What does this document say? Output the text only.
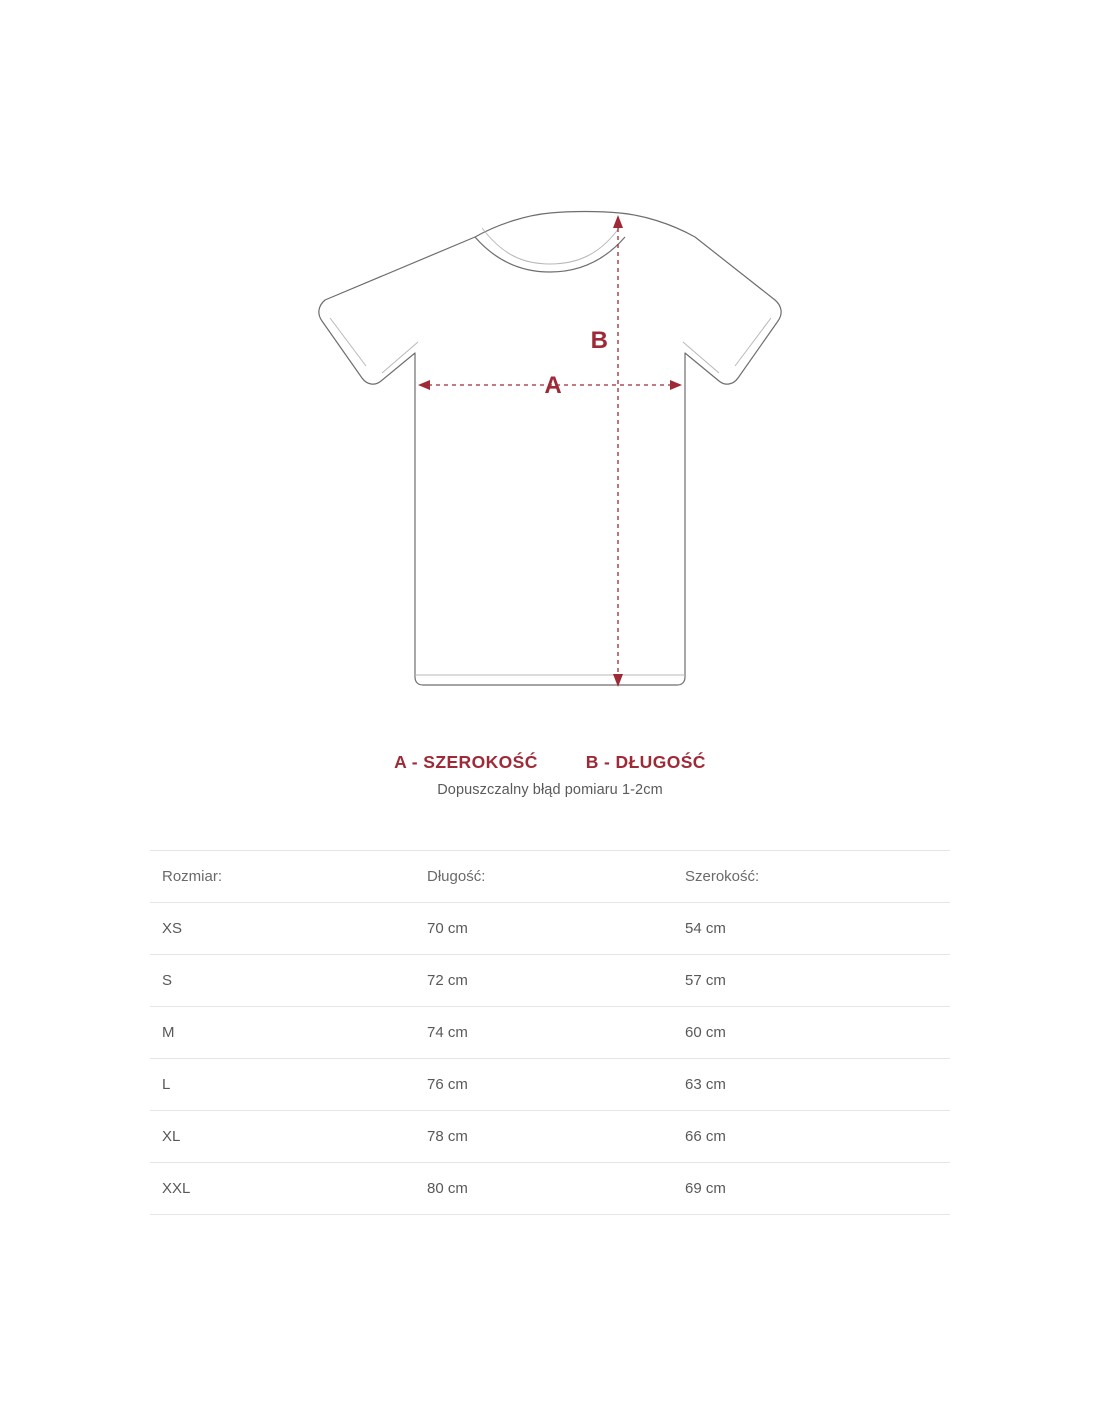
A
B
A - SZEROKOŚĆ	B - DŁUGOŚĆ
Dopuszczalny błąd pomiaru 1-2cm
Rozmiar:	Długość:	Szerokość:
XS	70 cm	54 cm
S	72 cm	57 cm
M	74 cm	60 cm
L	76 cm	63 cm
XL	78 cm	66 cm
XXL	80 cm	69 cm
